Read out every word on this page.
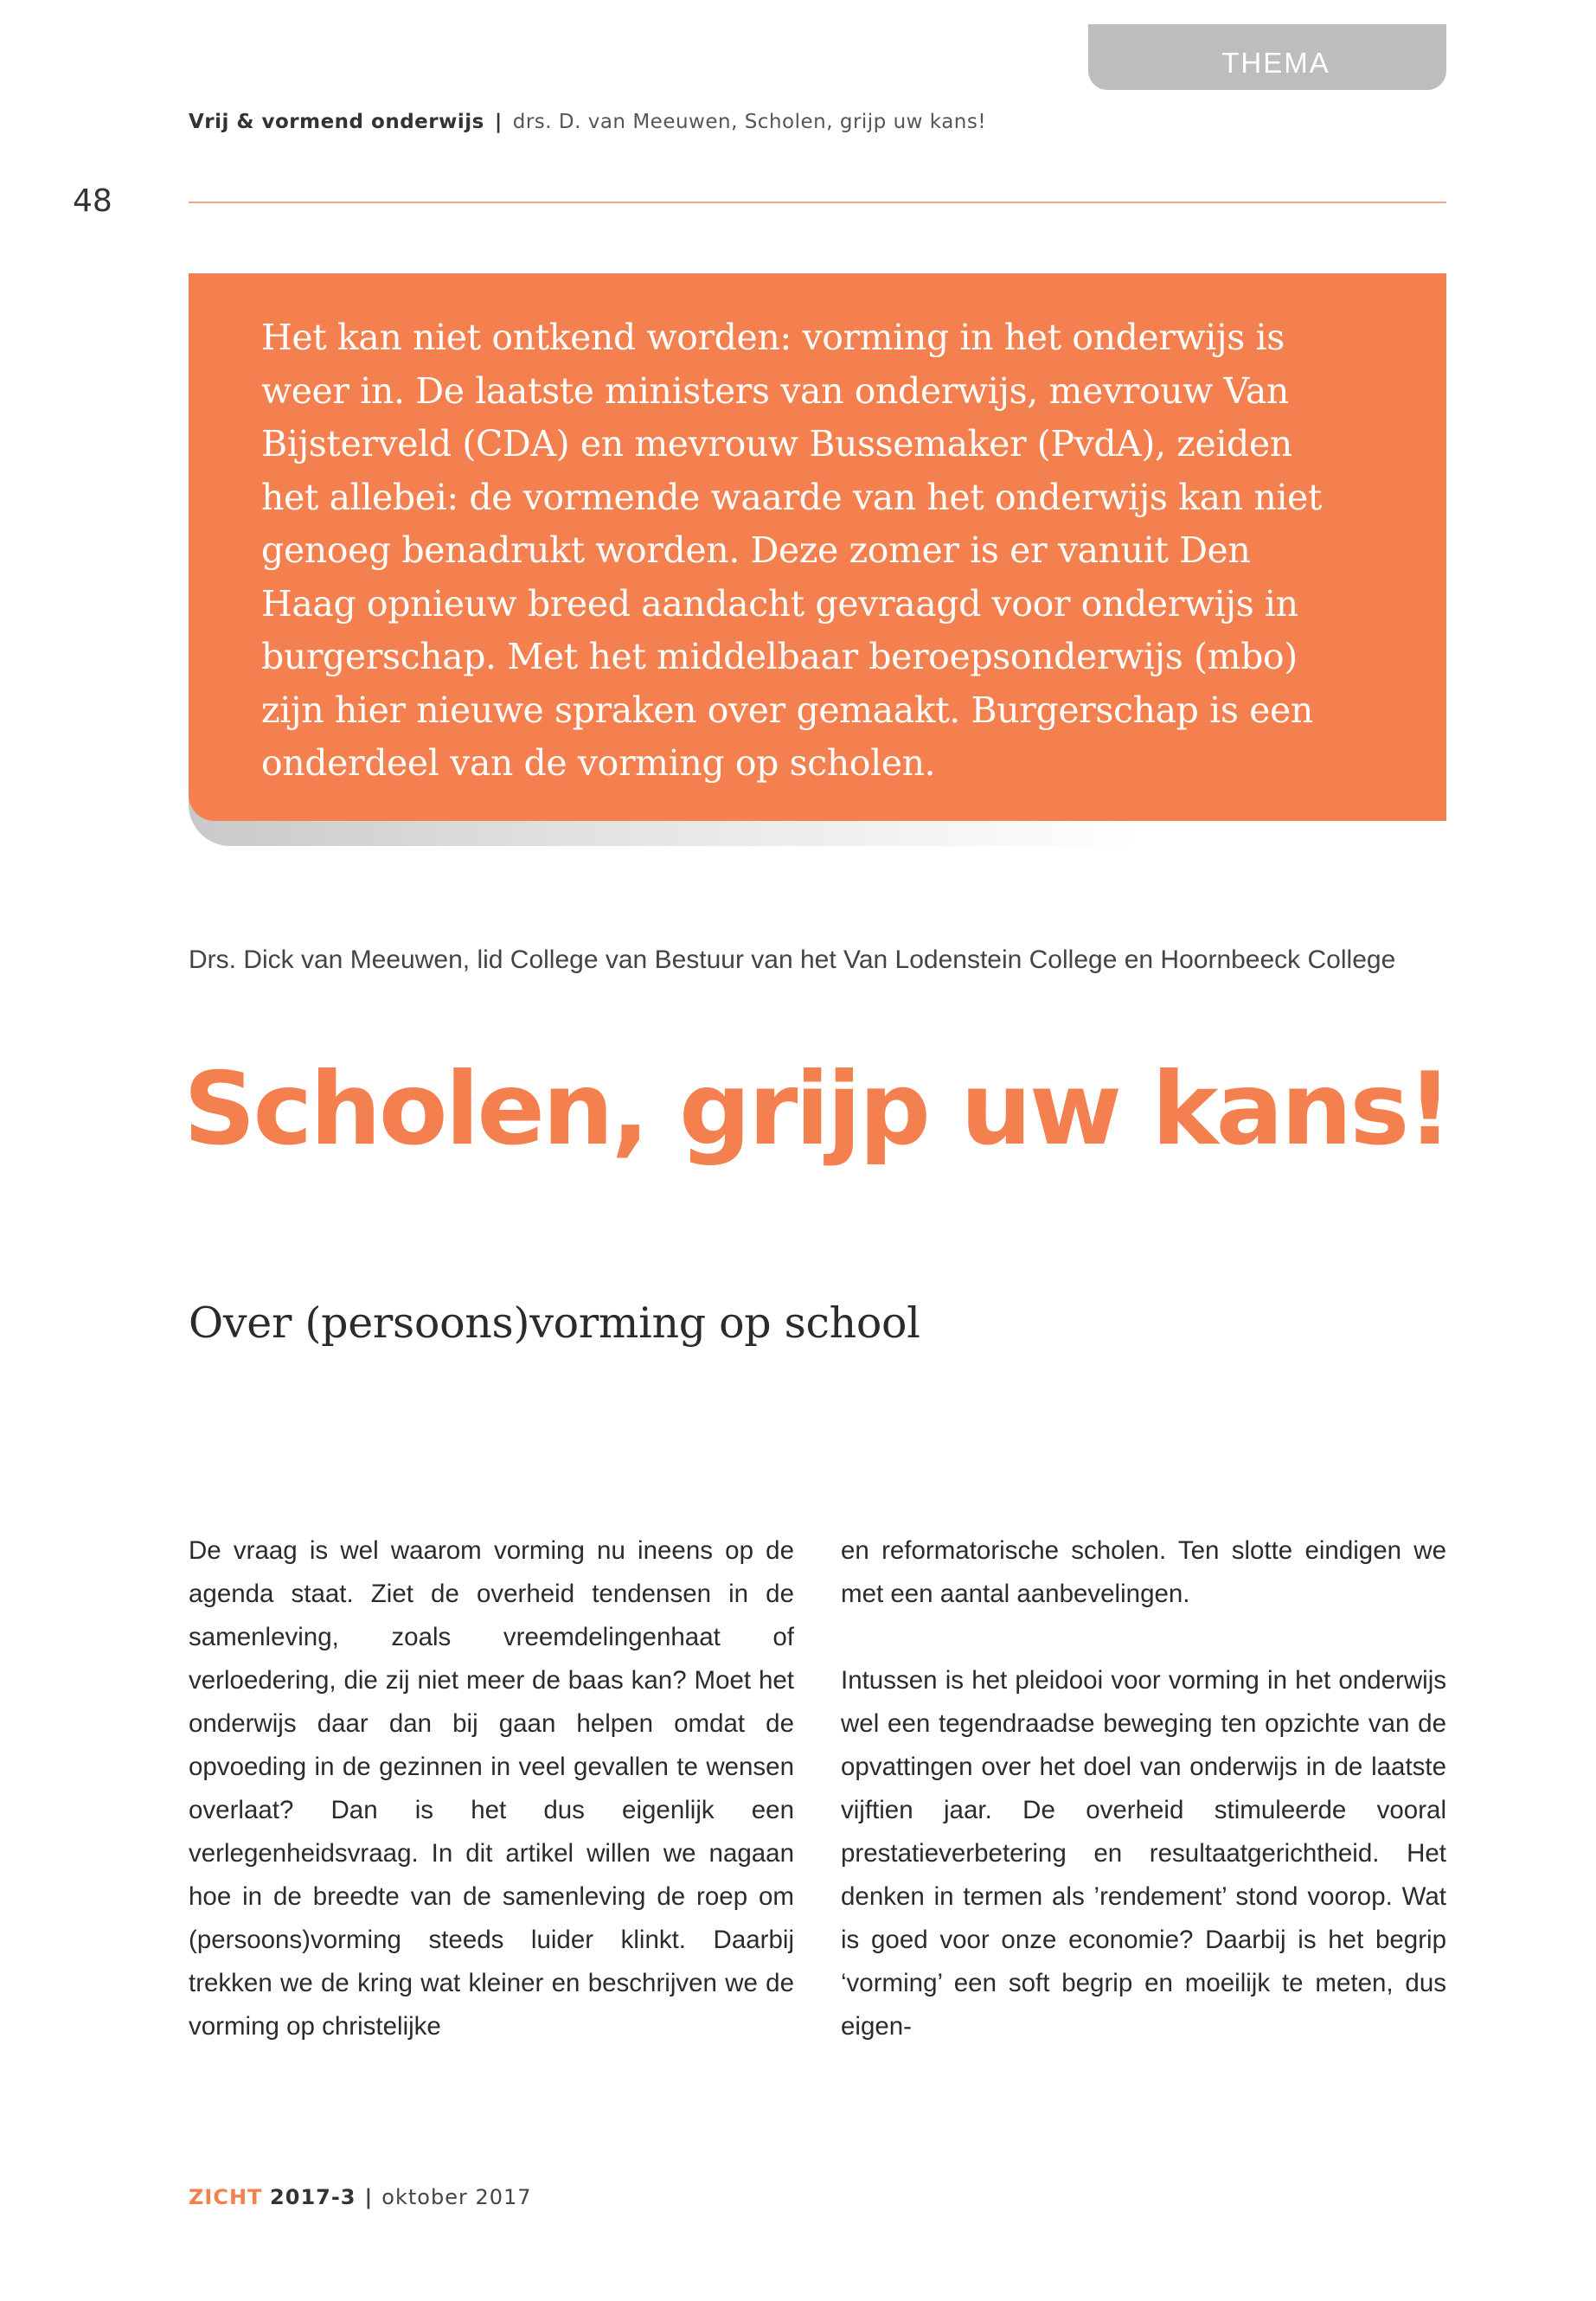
THEMA
Vrij & vormend onderwijs | drs. D. van Meeuwen, Scholen, grijp uw kans!
48

Het kan niet ontkend worden: vorming in het onderwijs is weer in. De laatste ministers van onderwijs, mevrouw Van Bijsterveld (CDA) en mevrouw Bussemaker (PvdA), zeiden het allebei: de vormende waarde van het onderwijs kan niet genoeg benadrukt worden. Deze zomer is er vanuit Den Haag opnieuw breed aandacht gevraagd voor onderwijs in burgerschap. Met het middelbaar beroepsonderwijs (mbo) zijn hier nieuwe spraken over gemaakt. Burgerschap is een onderdeel van de vorming op scholen.

Drs. Dick van Meeuwen, lid College van Bestuur van het Van Lodenstein College en Hoornbeeck College
Scholen, grijp uw kans!
Over (persoons)vorming op school

De vraag is wel waarom vorming nu ineens op de agenda staat. Ziet de overheid tendensen in de samenleving, zoals vreemdelingenhaat of verloedering, die zij niet meer de baas kan? Moet het onderwijs daar dan bij gaan helpen omdat de opvoeding in de gezinnen in veel gevallen te wensen overlaat? Dan is het dus eigenlijk een verlegenheidsvraag. In dit artikel willen we nagaan hoe in de breedte van de samenleving de roep om (persoons)vorming steeds luider klinkt. Daarbij trekken we de kring wat kleiner en beschrijven we de vorming op christelijke

en reformatorische scholen. Ten slotte eindigen we met een aantal aanbevelingen.

Intussen is het pleidooi voor vorming in het onderwijs wel een tegendraadse beweging ten opzichte van de opvattingen over het doel van onderwijs in de laatste vijftien jaar. De overheid stimuleerde vooral prestatieverbetering en resultaatgerichtheid. Het denken in termen als ’rendement’ stond voorop. Wat is goed voor onze economie? Daarbij is het begrip ‘vorming’ een soft begrip en moeilijk te meten, dus eigen-

ZICHT 2017-3 | oktober 2017
